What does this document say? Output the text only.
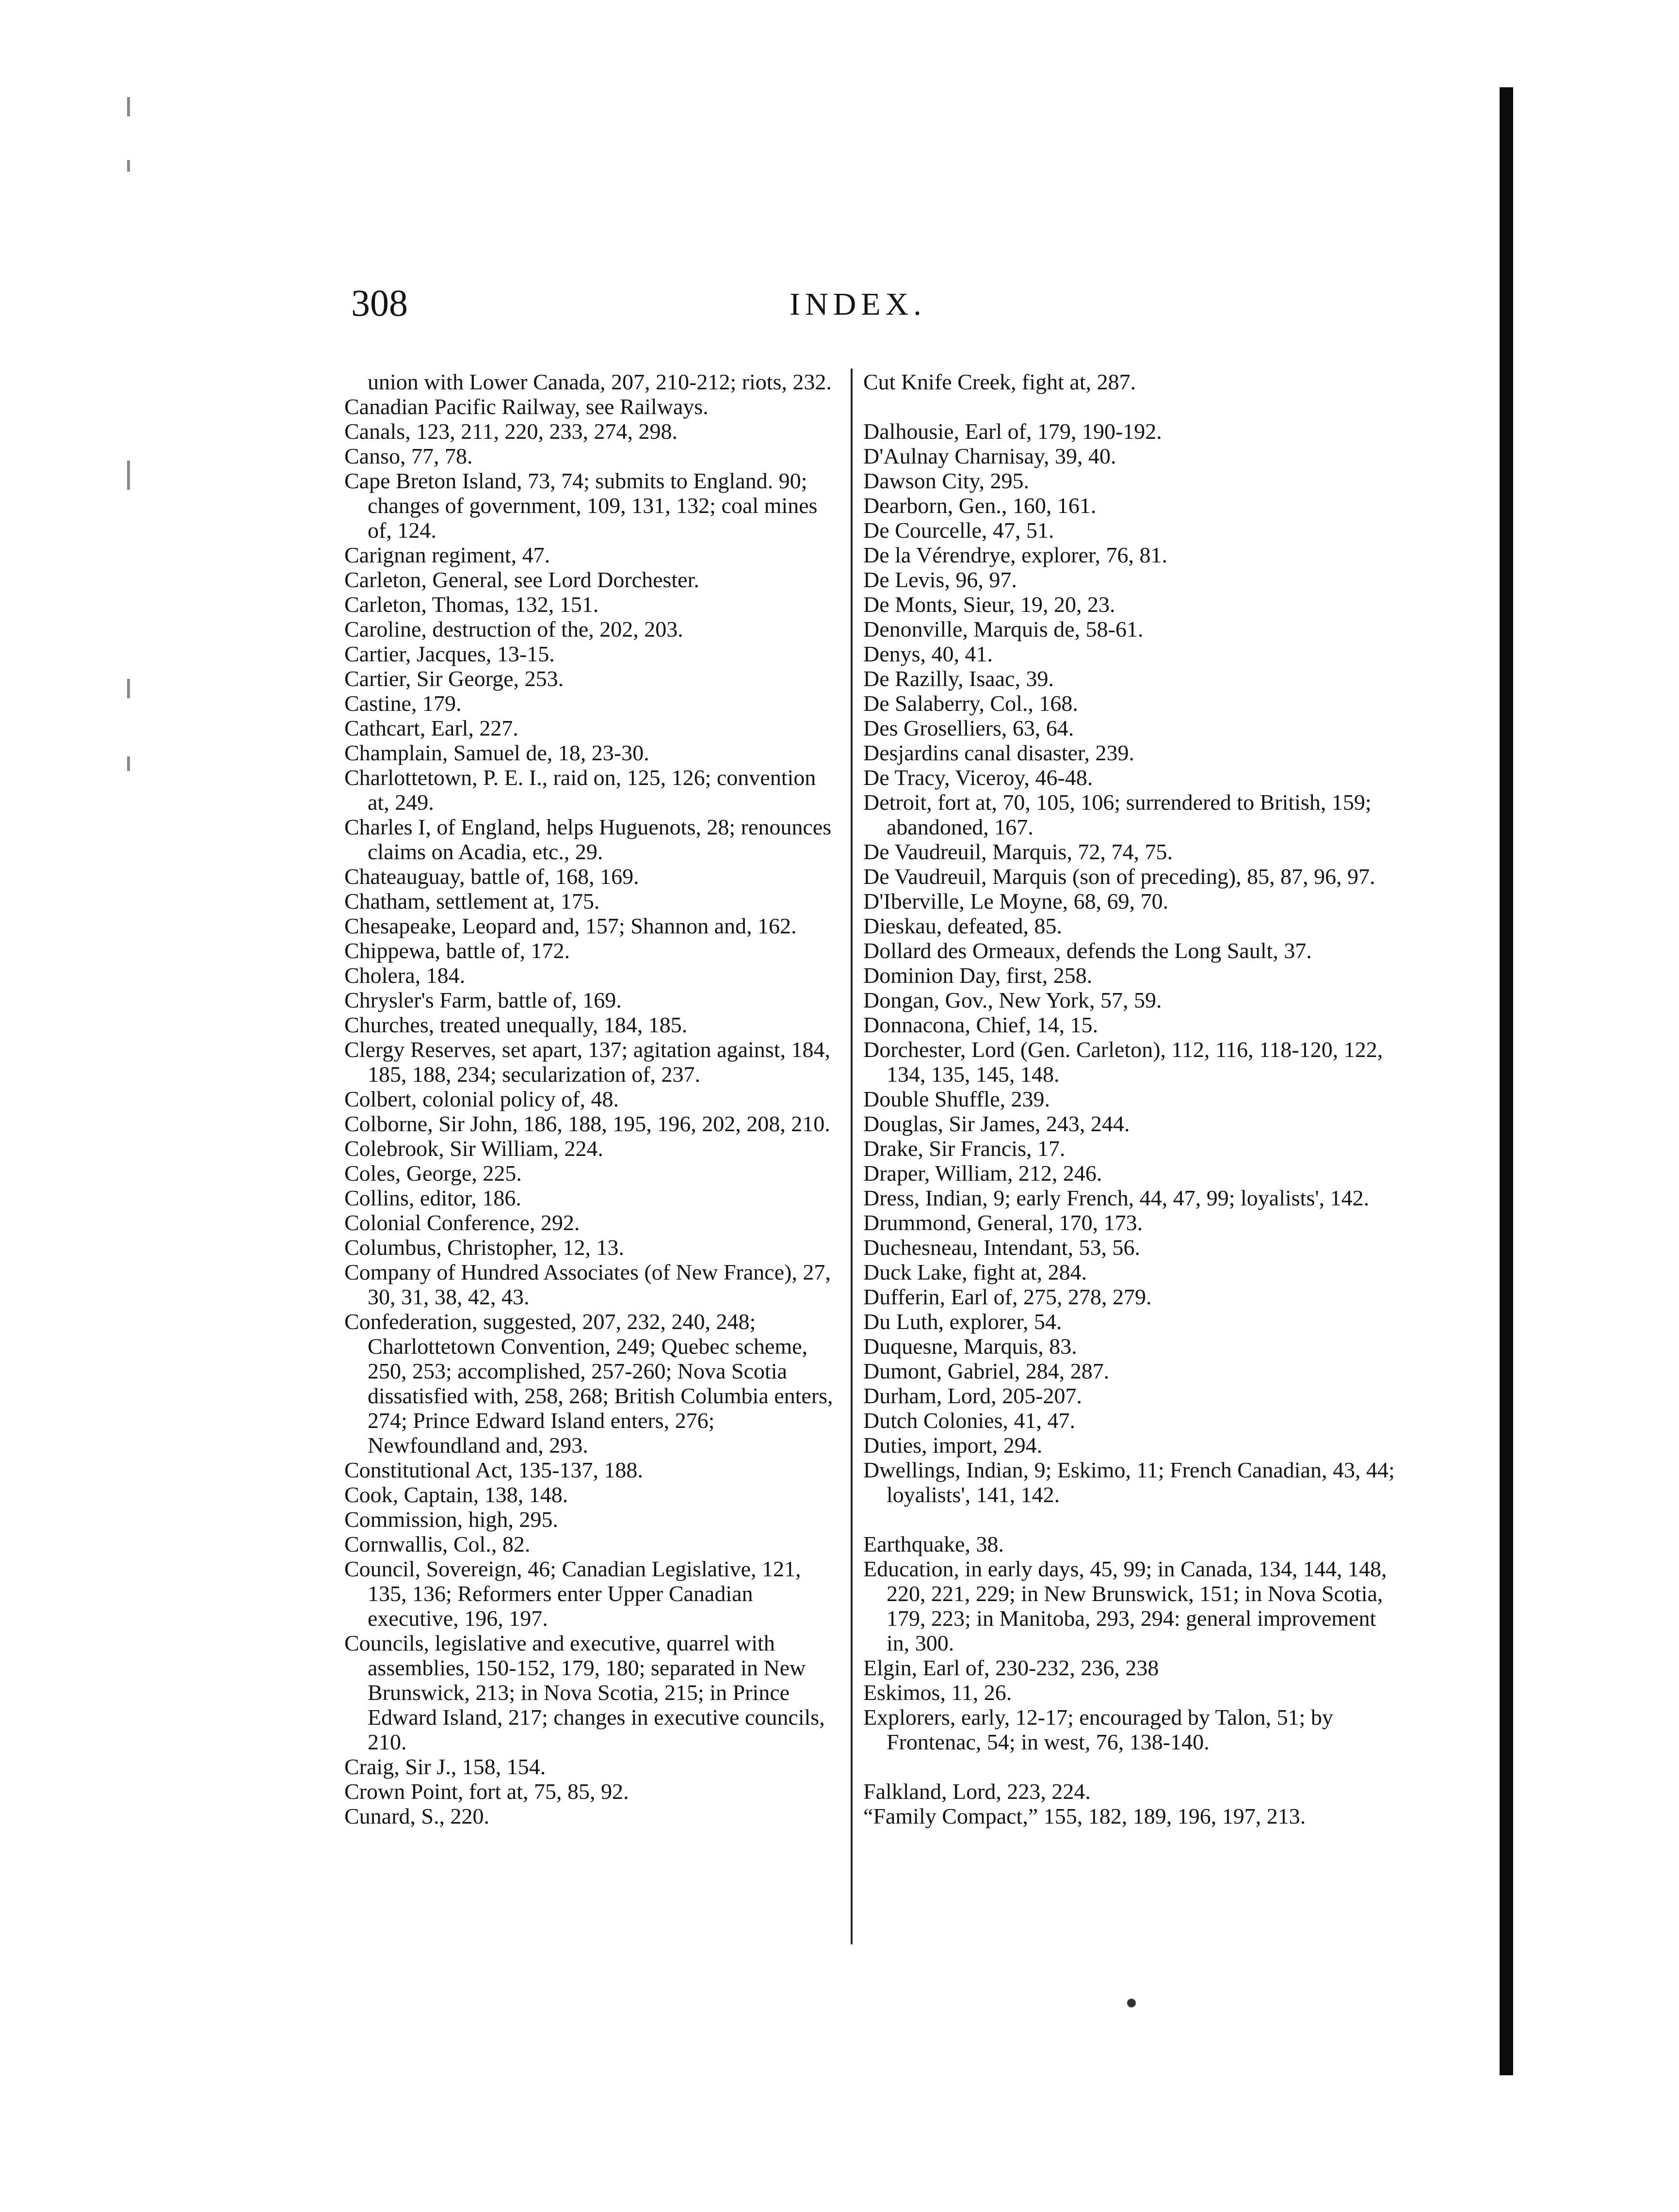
308	INDEX.
union with Lower Canada, 207, 210-212; riots, 232.
Canadian Pacific Railway, see Railways.
Canals, 123, 211, 220, 233, 274, 298.
Canso, 77, 78.
Cape Breton Island, 73, 74; submits to England. 90; changes of government, 109, 131, 132; coal mines of, 124.
Carignan regiment, 47.
Carleton, General, see Lord Dorchester.
Carleton, Thomas, 132, 151.
Caroline, destruction of the, 202, 203.
Cartier, Jacques, 13-15.
Cartier, Sir George, 253.
Castine, 179.
Cathcart, Earl, 227.
Champlain, Samuel de, 18, 23-30.
Charlottetown, P. E. I., raid on, 125, 126; convention at, 249.
Charles I, of England, helps Huguenots, 28; renounces claims on Acadia, etc., 29.
Chateauguay, battle of, 168, 169.
Chatham, settlement at, 175.
Chesapeake, Leopard and, 157; Shannon and, 162.
Chippewa, battle of, 172.
Cholera, 184.
Chrysler's Farm, battle of, 169.
Churches, treated unequally, 184, 185.
Clergy Reserves, set apart, 137; agitation against, 184, 185, 188, 234; secularization of, 237.
Colbert, colonial policy of, 48.
Colborne, Sir John, 186, 188, 195, 196, 202, 208, 210.
Colebrook, Sir William, 224.
Coles, George, 225.
Collins, editor, 186.
Colonial Conference, 292.
Columbus, Christopher, 12, 13.
Company of Hundred Associates (of New France), 27, 30, 31, 38, 42, 43.
Confederation, suggested, 207, 232, 240, 248; Charlottetown Convention, 249; Quebec scheme, 250, 253; accomplished, 257-260; Nova Scotia dissatisfied with, 258, 268; British Columbia enters, 274; Prince Edward Island enters, 276; Newfoundland and, 293.
Constitutional Act, 135-137, 188.
Cook, Captain, 138, 148.
Commission, high, 295.
Cornwallis, Col., 82.
Council, Sovereign, 46; Canadian Legislative, 121, 135, 136; Reformers enter Upper Canadian executive, 196, 197.
Councils, legislative and executive, quarrel with assemblies, 150-152, 179, 180; separated in New Brunswick, 213; in Nova Scotia, 215; in Prince Edward Island, 217; changes in executive councils, 210.
Craig, Sir J., 158, 154.
Crown Point, fort at, 75, 85, 92.
Cunard, S., 220.
Cut Knife Creek, fight at, 287.
Dalhousie, Earl of, 179, 190-192.
D'Aulnay Charnisay, 39, 40.
Dawson City, 295.
Dearborn, Gen., 160, 161.
De Courcelle, 47, 51.
De la Vérendrye, explorer, 76, 81.
De Levis, 96, 97.
De Monts, Sieur, 19, 20, 23.
Denonville, Marquis de, 58-61.
Denys, 40, 41.
De Razilly, Isaac, 39.
De Salaberry, Col., 168.
Des Groselliers, 63, 64.
Desjardins canal disaster, 239.
De Tracy, Viceroy, 46-48.
Detroit, fort at, 70, 105, 106; surrendered to British, 159; abandoned, 167.
De Vaudreuil, Marquis, 72, 74, 75.
De Vaudreuil, Marquis (son of preceding), 85, 87, 96, 97.
D'Iberville, Le Moyne, 68, 69, 70.
Dieskau, defeated, 85.
Dollard des Ormeaux, defends the Long Sault, 37.
Dominion Day, first, 258.
Dongan, Gov., New York, 57, 59.
Donnacona, Chief, 14, 15.
Dorchester, Lord (Gen. Carleton), 112, 116, 118-120, 122, 134, 135, 145, 148.
Double Shuffle, 239.
Douglas, Sir James, 243, 244.
Drake, Sir Francis, 17.
Draper, William, 212, 246.
Dress, Indian, 9; early French, 44, 47, 99; loyalists', 142.
Drummond, General, 170, 173.
Duchesneau, Intendant, 53, 56.
Duck Lake, fight at, 284.
Dufferin, Earl of, 275, 278, 279.
Du Luth, explorer, 54.
Duquesne, Marquis, 83.
Dumont, Gabriel, 284, 287.
Durham, Lord, 205-207.
Dutch Colonies, 41, 47.
Duties, import, 294.
Dwellings, Indian, 9; Eskimo, 11; French Canadian, 43, 44; loyalists', 141, 142.
Earthquake, 38.
Education, in early days, 45, 99; in Canada, 134, 144, 148, 220, 221, 229; in New Brunswick, 151; in Nova Scotia, 179, 223; in Manitoba, 293, 294: general improvement in, 300.
Elgin, Earl of, 230-232, 236, 238
Eskimos, 11, 26.
Explorers, early, 12-17; encouraged by Talon, 51; by Frontenac, 54; in west, 76, 138-140.
Falkland, Lord, 223, 224.
“Family Compact,” 155, 182, 189, 196, 197, 213.
